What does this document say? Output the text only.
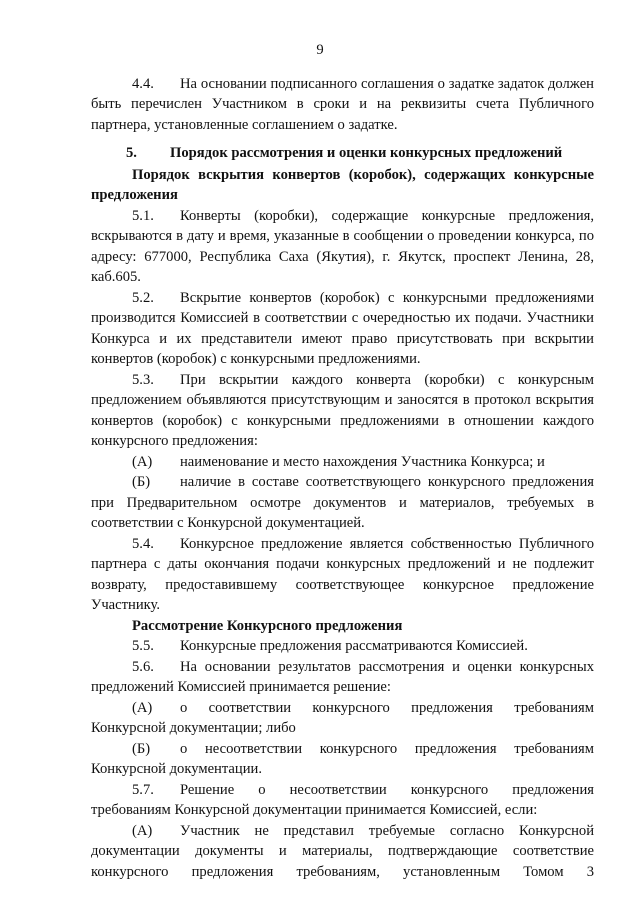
9

4.4. На основании подписанного соглашения о задатке задаток должен быть перечислен Участником в сроки и на реквизиты счета Публичного партнера, установленные соглашением о задатке.

5. Порядок рассмотрения и оценки конкурсных предложений

Порядок вскрытия конвертов (коробок), содержащих конкурсные предложения

5.1. Конверты (коробки), содержащие конкурсные предложения, вскрываются в дату и время, указанные в сообщении о проведении конкурса, по адресу: 677000, Республика Саха (Якутия), г. Якутск, проспект Ленина, 28, каб.605.

5.2. Вскрытие конвертов (коробок) с конкурсными предложениями производится Комиссией в соответствии с очередностью их подачи. Участники Конкурса и их представители имеют право присутствовать при вскрытии конвертов (коробок) с конкурсными предложениями.

5.3. При вскрытии каждого конверта (коробки) с конкурсным предложением объявляются присутствующим и заносятся в протокол вскрытия конвертов (коробок) с конкурсными предложениями в отношении каждого конкурсного предложения:

(А) наименование и место нахождения Участника Конкурса; и

(Б) наличие в составе соответствующего конкурсного предложения при Предварительном осмотре документов и материалов, требуемых в соответствии с Конкурсной документацией.

5.4. Конкурсное предложение является собственностью Публичного партнера с даты окончания подачи конкурсных предложений и не подлежит возврату, предоставившему соответствующее конкурсное предложение Участнику.

Рассмотрение Конкурсного предложения

5.5. Конкурсные предложения рассматриваются Комиссией.

5.6. На основании результатов рассмотрения и оценки конкурсных предложений Комиссией принимается решение:

(А) о соответствии конкурсного предложения требованиям Конкурсной документации; либо

(Б) о несоответствии конкурсного предложения требованиям Конкурсной документации.

5.7. Решение о несоответствии конкурсного предложения требованиям Конкурсной документации принимается Комиссией, если:

(А) Участник не представил требуемые согласно Конкурсной документации документы и материалы, подтверждающие соответствие конкурсного предложения требованиям, установленным Томом 3
